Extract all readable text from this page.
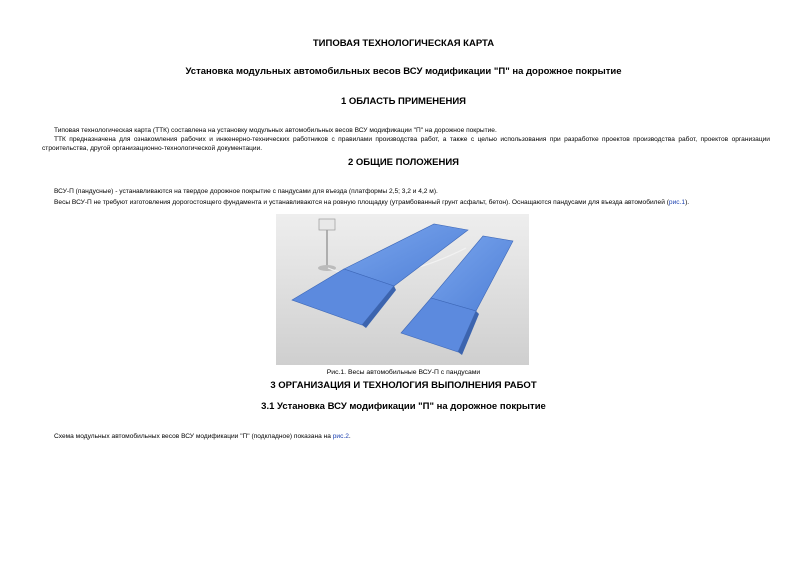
ТИПОВАЯ ТЕХНОЛОГИЧЕСКАЯ КАРТА
Установка модульных автомобильных весов ВСУ модификации "П" на дорожное покрытие
1 ОБЛАСТЬ ПРИМЕНЕНИЯ
Типовая технологическая карта (ТТК) составлена на установку модульных автомобильных весов ВСУ модификации "П" на дорожное покрытие.
ТТК предназначена для ознакомления рабочих и инженерно-технических работников с правилами производства работ, а также с целью использования при разработке проектов производства работ, проектов организации строительства, другой организационно-технологической документации.
2 ОБЩИЕ ПОЛОЖЕНИЯ
ВСУ-П (пандусные) - устанавливаются на твердое дорожное покрытие с пандусами для въезда (платформы 2,5; 3,2 и 4,2 м).
Весы ВСУ-П не требуют изготовления дорогостоящего фундамента и устанавливаются на ровную площадку (утрамбованный грунт асфальт, бетон). Оснащаются пандусами для въезда автомобилей (рис.1).
Рис.1. Весы автомобильные ВСУ-П с пандусами
3 ОРГАНИЗАЦИЯ И ТЕХНОЛОГИЯ ВЫПОЛНЕНИЯ РАБОТ
3.1 Установка ВСУ модификации "П" на дорожное покрытие
Схема модульных автомобильных весов ВСУ модификации "П" (подкладное) показана на рис.2.
